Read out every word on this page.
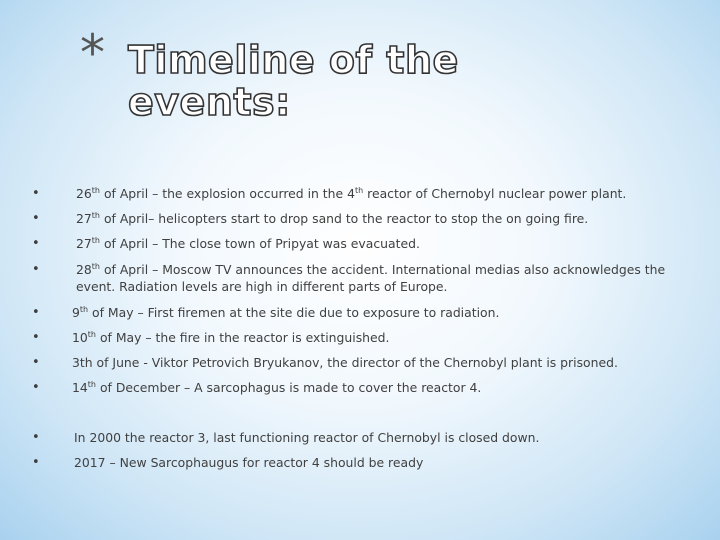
* Timeline of the events:
•	26th of April – the explosion occurred in the 4th reactor of Chernobyl nuclear power plant.
•	27th of April– helicopters start to drop sand to the reactor to stop the on going fire.
•	27th of April – The close town of Pripyat was evacuated.
•	28th of April – Moscow TV announces the accident. International medias also acknowledges the event. Radiation levels are high in different parts of Europe.
•	9th of May – First firemen at the site die due to exposure to radiation.
•	10th of May – the fire in the reactor is extinguished.
•	3th of June - Viktor Petrovich Bryukanov, the director of the Chernobyl plant is prisoned.
•	14th of December – A sarcophagus is made to cover the reactor 4.
•	In 2000 the reactor 3, last functioning reactor of Chernobyl is closed down.
•	2017 – New Sarcophaugus for reactor 4 should be ready
